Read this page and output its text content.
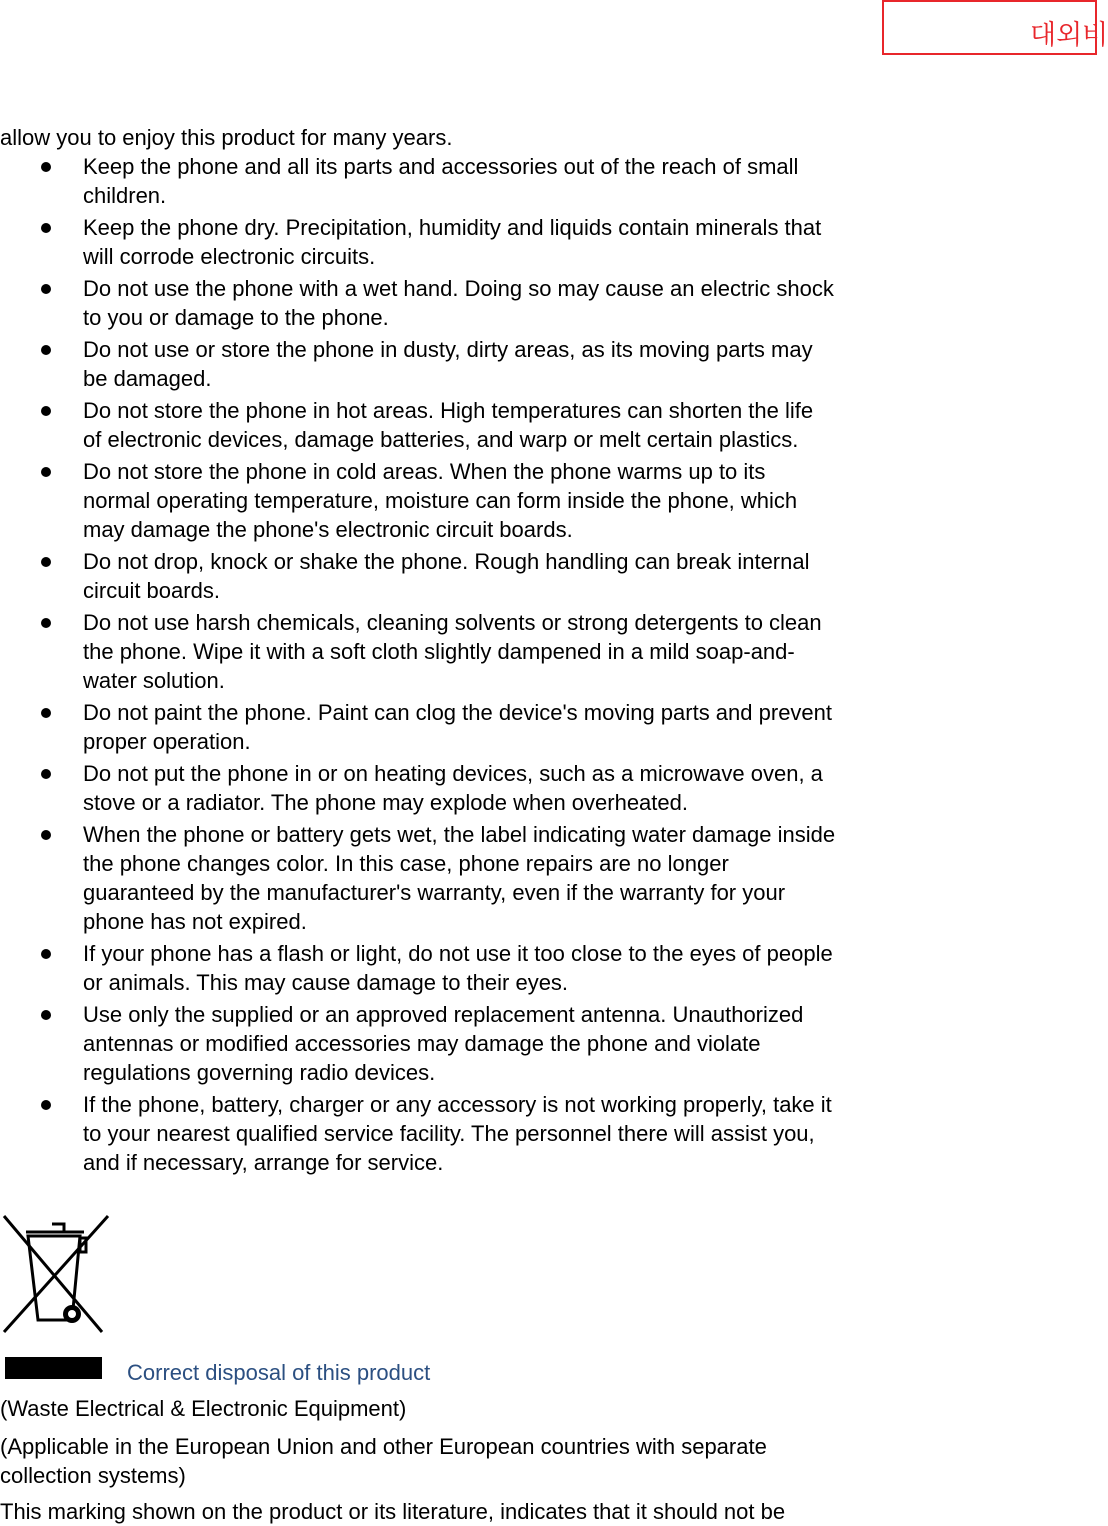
대외비
allow you to enjoy this product for many years.
Keep the phone and all its parts and accessories out of the reach of small
children.
Keep the phone dry. Precipitation, humidity and liquids contain minerals that
will corrode electronic circuits.
Do not use the phone with a wet hand. Doing so may cause an electric shock
to you or damage to the phone.
Do not use or store the phone in dusty, dirty areas, as its moving parts may
be damaged.
Do not store the phone in hot areas. High temperatures can shorten the life
of electronic devices, damage batteries, and warp or melt certain plastics.
Do not store the phone in cold areas. When the phone warms up to its
normal operating temperature, moisture can form inside the phone, which
may damage the phone's electronic circuit boards.
Do not drop, knock or shake the phone. Rough handling can break internal
circuit boards.
Do not use harsh chemicals, cleaning solvents or strong detergents to clean
the phone. Wipe it with a soft cloth slightly dampened in a mild soap-and-
water solution.
Do not paint the phone. Paint can clog the device's moving parts and prevent
proper operation.
Do not put the phone in or on heating devices, such as a microwave oven, a
stove or a radiator. The phone may explode when overheated.
When the phone or battery gets wet, the label indicating water damage inside
the phone changes color. In this case, phone repairs are no longer
guaranteed by the manufacturer's warranty, even if the warranty for your
phone has not expired.
If your phone has a flash or light, do not use it too close to the eyes of people
or animals. This may cause damage to their eyes.
Use only the supplied or an approved replacement antenna. Unauthorized
antennas or modified accessories may damage the phone and violate
regulations governing radio devices.
If the phone, battery, charger or any accessory is not working properly, take it
to your nearest qualified service facility. The personnel there will assist you,
and if necessary, arrange for service.
Correct disposal of this product
(Waste Electrical & Electronic Equipment)
(Applicable in the European Union and other European countries with separate
collection systems)
This marking shown on the product or its literature, indicates that it should not be
